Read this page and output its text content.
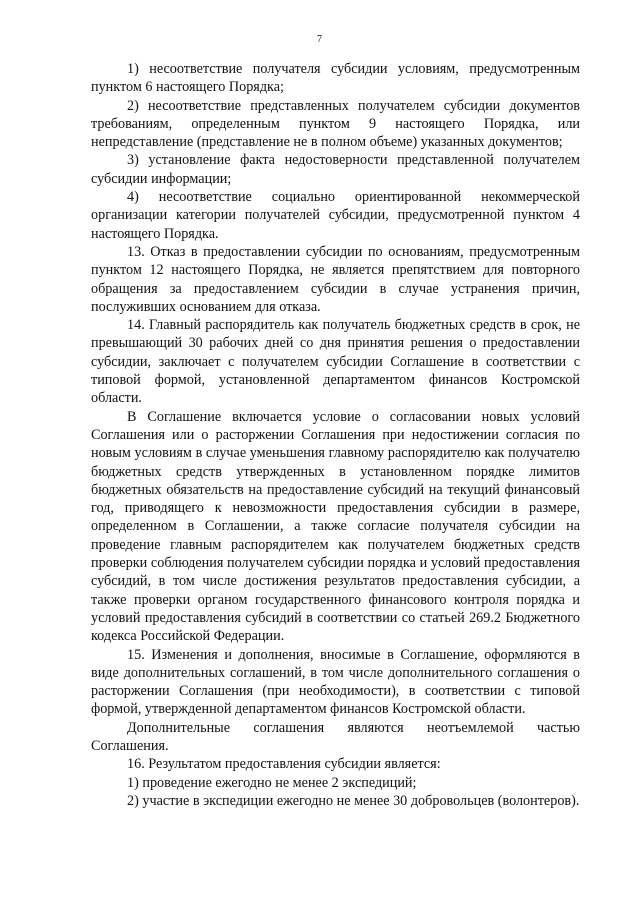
7

1) несоответствие получателя субсидии условиям, предусмотренным пунктом 6 настоящего Порядка;

2) несоответствие представленных получателем субсидии документов требованиям, определенным пунктом 9 настоящего Порядка, или непредставление (представление не в полном объеме) указанных документов;

3) установление факта недостоверности представленной получателем субсидии информации;

4) несоответствие социально ориентированной некоммерческой организации категории получателей субсидии, предусмотренной пунктом 4 настоящего Порядка.

13. Отказ в предоставлении субсидии по основаниям, предусмотренным пунктом 12 настоящего Порядка, не является препятствием для повторного обращения за предоставлением субсидии в случае устранения причин, послуживших основанием для отказа.

14. Главный распорядитель как получатель бюджетных средств в срок, не превышающий 30 рабочих дней со дня принятия решения о предоставлении субсидии, заключает с получателем субсидии Соглашение в соответствии с типовой формой, установленной департаментом финансов Костромской области.

В Соглашение включается условие о согласовании новых условий Соглашения или о расторжении Соглашения при недостижении согласия по новым условиям в случае уменьшения главному распорядителю как получателю бюджетных средств утвержденных в установленном порядке лимитов бюджетных обязательств на предоставление субсидий на текущий финансовый год, приводящего к невозможности предоставления субсидии в размере, определенном в Соглашении, а также согласие получателя субсидии на проведение главным распорядителем как получателем бюджетных средств проверки соблюдения получателем субсидии порядка и условий предоставления субсидий, в том числе достижения результатов предоставления субсидии, а также проверки органом государственного финансового контроля порядка и условий предоставления субсидий в соответствии со статьей 269.2 Бюджетного кодекса Российской Федерации.

15. Изменения и дополнения, вносимые в Соглашение, оформляются в виде дополнительных соглашений, в том числе дополнительного соглашения о расторжении Соглашения (при необходимости), в соответствии с типовой формой, утвержденной департаментом финансов Костромской области.

Дополнительные соглашения являются неотъемлемой частью Соглашения.

16. Результатом предоставления субсидии является:

1) проведение ежегодно не менее 2 экспедиций;

2) участие в экспедиции ежегодно не менее 30 добровольцев (волонтеров).
